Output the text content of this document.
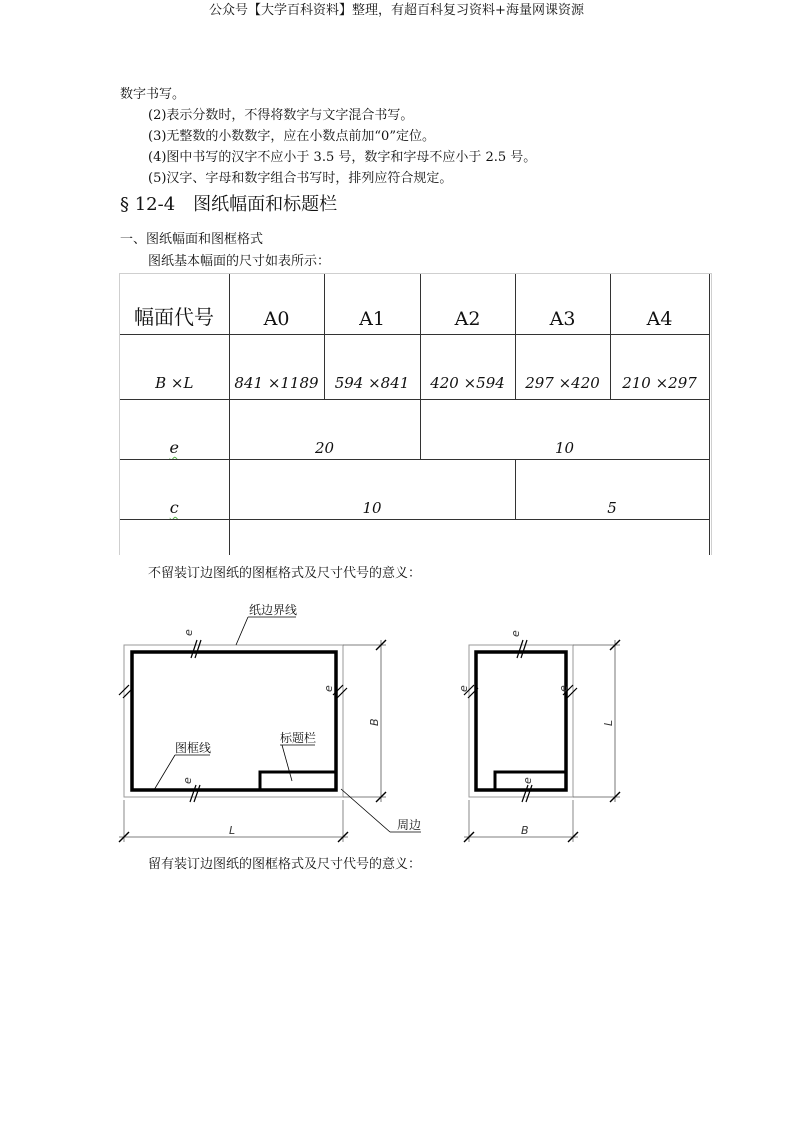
公众号【大学百科资料】整理，有超百科复习资料+海量网课资源
数字书写。
(2)表示分数时，不得将数字与文字混合书写。
(3)无整数的小数数字，应在小数点前加“0”定位。
(4)图中书写的汉字不应小于 3.5 号，数字和字母不应小于 2.5 号。
(5)汉字、字母和数字组合书写时，排列应符合规定。
§ 12-4　图纸幅面和标题栏
一、图纸幅面和图框格式
图纸基本幅面的尺寸如表所示：
幅面代号	A0	A1	A2	A3	A4
B ×L	841 ×1189	594 ×841	420 ×594	297 ×420	210 ×297
e	20		10		
c	10			5	

不留装订边图纸的图框格式及尺寸代号的意义：
e
e
e
B
L
纸边界线
图框线
标题栏
周边
e
e	e
e
L
B
留有装订边图纸的图框格式及尺寸代号的意义：
